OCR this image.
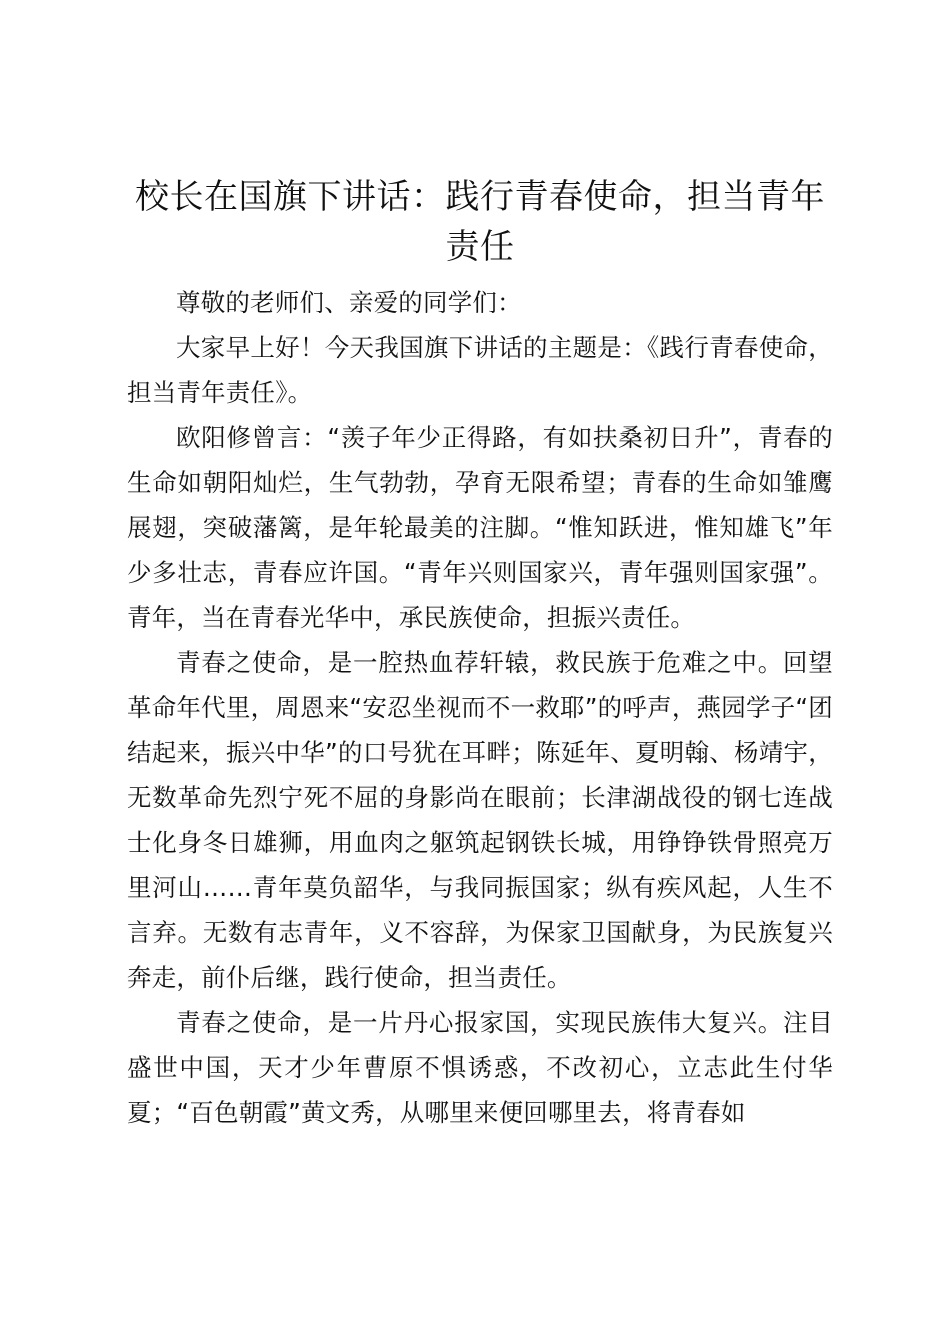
校长在国旗下讲话：践行青春使命，担当青年
责任

尊敬的老师们、亲爱的同学们：

大家早上好！今天我国旗下讲话的主题是：《践行青春使命，担当青年责任》。

欧阳修曾言：“羡子年少正得路，有如扶桑初日升”，青春的生命如朝阳灿烂，生气勃勃，孕育无限希望；青春的生命如雏鹰展翅，突破藩篱，是年轮最美的注脚。“惟知跃进，惟知雄飞”年少多壮志，青春应许国。“青年兴则国家兴，青年强则国家强”。青年，当在青春光华中，承民族使命，担振兴责任。

青春之使命，是一腔热血荐轩辕，救民族于危难之中。回望革命年代里，周恩来“安忍坐视而不一救耶”的呼声，燕园学子“团结起来，振兴中华”的口号犹在耳畔；陈延年、夏明翰、杨靖宇，无数革命先烈宁死不屈的身影尚在眼前；长津湖战役的钢七连战士化身冬日雄狮，用血肉之躯筑起钢铁长城，用铮铮铁骨照亮万里河山……青年莫负韶华，与我同振国家；纵有疾风起，人生不言弃。无数有志青年，义不容辞，为保家卫国献身，为民族复兴奔走，前仆后继，践行使命，担当责任。

青春之使命，是一片丹心报家国，实现民族伟大复兴。注目盛世中国，天才少年曹原不惧诱惑，不改初心，立志此生付华夏；“百色朝霞”黄文秀，从哪里来便回哪里去，将青春如
